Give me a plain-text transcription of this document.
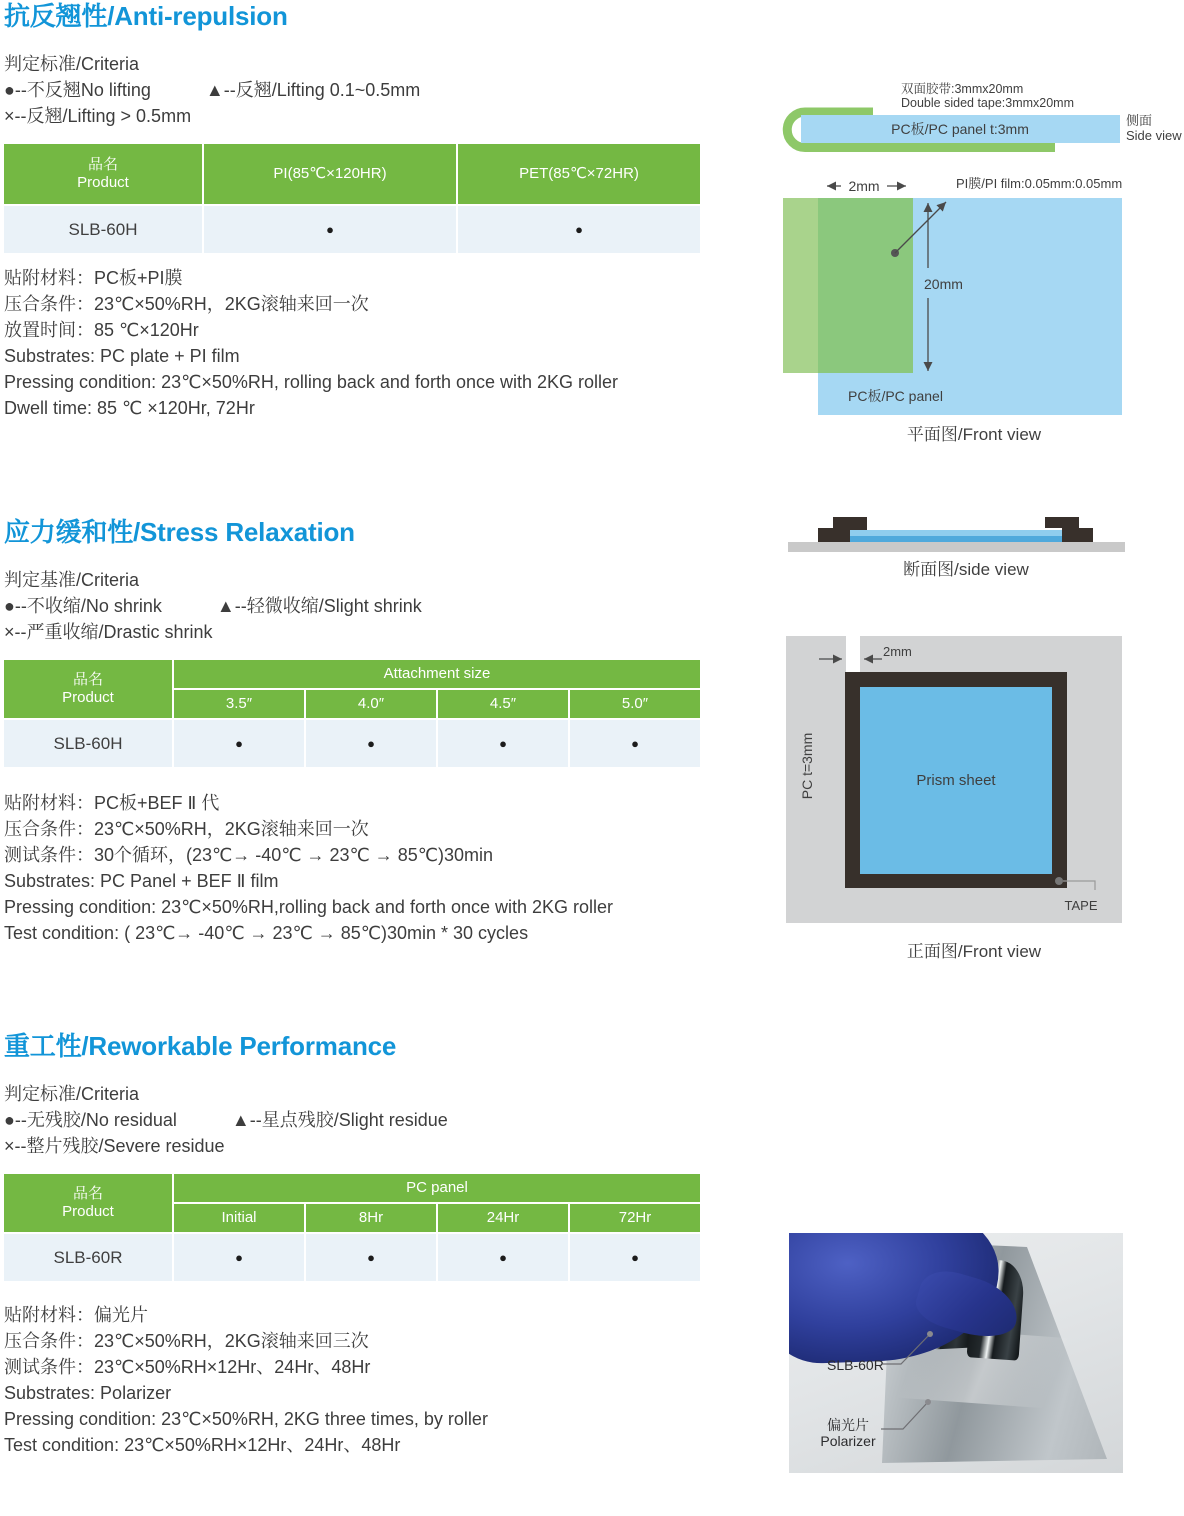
抗反翘性/Anti-repulsion
判定标准/Criteria
●--不反翘No lifting	▲--反翘/Lifting 0.1~0.5mm
×--反翘/Lifting > 0.5mm
品名
Product
PI(85℃×120HR)	PET(85℃×72HR)
SLB-60H	●	●
贴附材料：PC板+PI膜
压合条件：23℃×50%RH，2KG滚轴来回一次
放置时间：85 ℃×120Hr
Substrates: PC plate + PI film
Pressing condition: 23℃×50%RH, rolling back and forth once with 2KG roller
Dwell time: 85 ℃ ×120Hr, 72Hr
应力缓和性/Stress Relaxation
判定基准/Criteria
●--不收缩/No shrink	▲--轻微收缩/Slight shrink
×--严重收缩/Drastic shrink
品名
Product
Attachment size
3.5″	4.0″	4.5″	5.0″
SLB-60H	●	●	●	●
贴附材料：PC板+BEF Ⅱ 代
压合条件：23℃×50%RH，2KG滚轴来回一次
测试条件：30个循环，(23℃→ -40℃ → 23℃ → 85℃)30min
Substrates: PC Panel + BEF Ⅱ film
Pressing condition: 23℃×50%RH,rolling back and forth once with 2KG roller
Test condition: ( 23℃→ -40℃ → 23℃ → 85℃)30min * 30 cycles
重工性/Reworkable Performance
判定标准/Criteria
●--无残胶/No residual	▲--星点残胶/Slight residue
×--整片残胶/Severe residue
品名
Product
PC panel
Initial	8Hr	24Hr	72Hr
SLB-60R	●	●	●	●
贴附材料：偏光片
压合条件：23℃×50%RH，2KG滚轴来回三次
测试条件：23℃×50%RH×12Hr、24Hr、48Hr
Substrates: Polarizer
Pressing condition: 23℃×50%RH, 2KG three times, by roller
Test condition: 23℃×50%RH×12Hr、24Hr、48Hr
双面胶带:3mmx20mm
Double sided tape:3mmx20mm
PC板/PC panel t:3mm
侧面
Side view
2mm	PI膜/PI film:0.05mm:0.05mm
20mm
PC板/PC panel
平面图/Front view
断面图/side view
Prism sheet
2mm
PC t=3mm
TAPE
正面图/Front view
SLB-60R
偏光片
Polarizer
